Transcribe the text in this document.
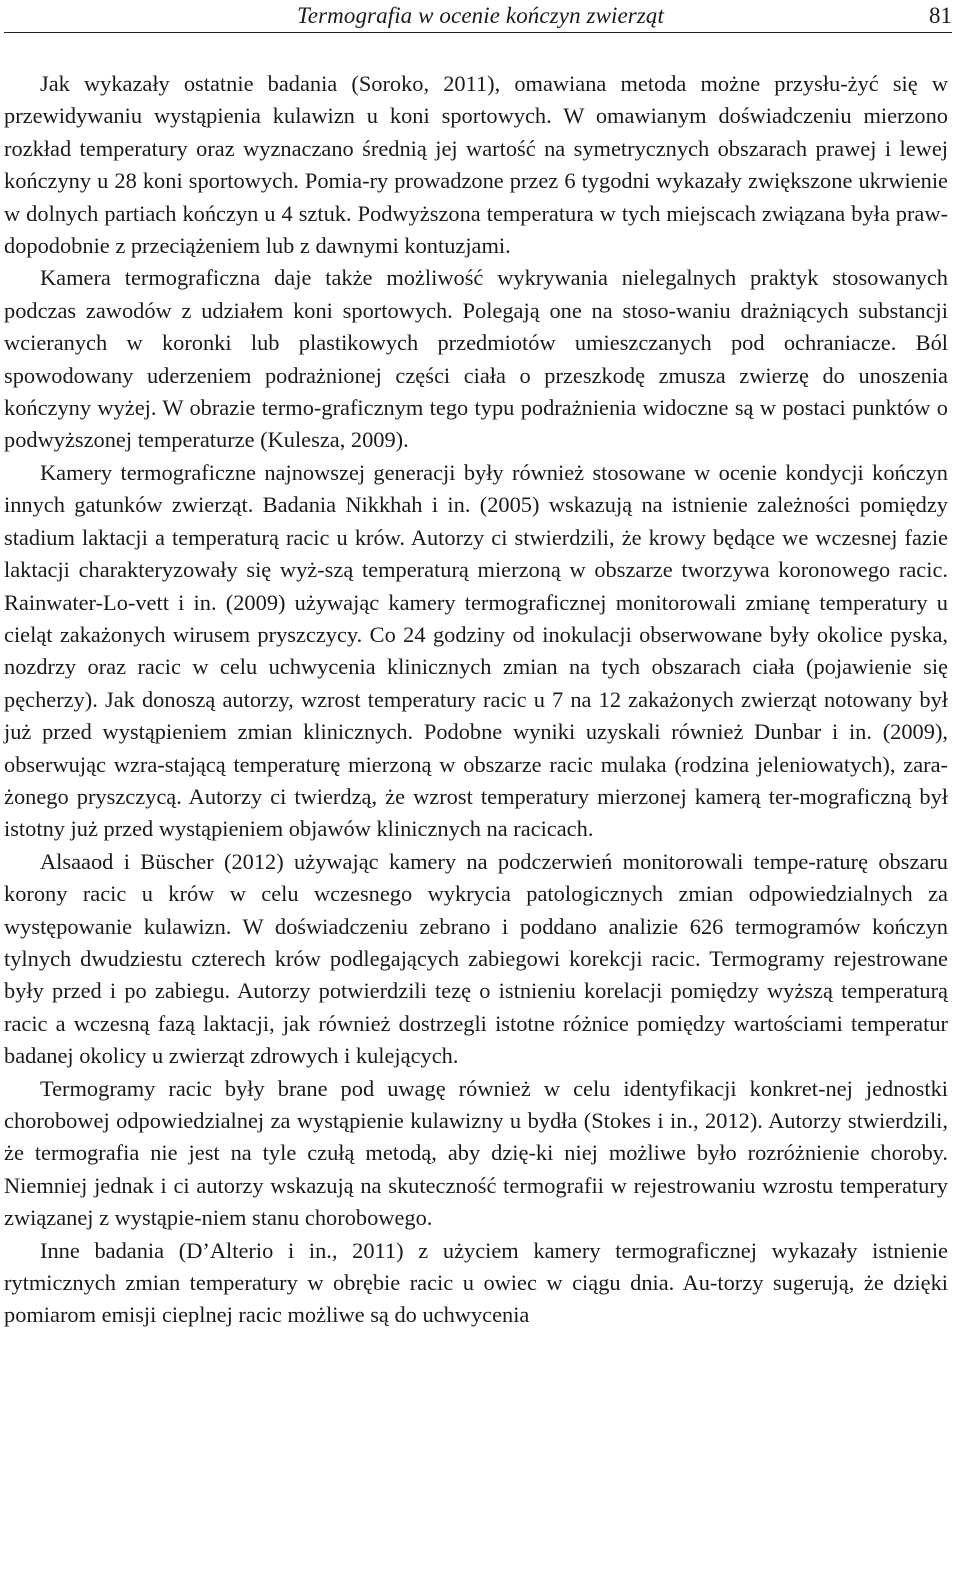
Termografia w ocenie kończyn zwierząt	81

Jak wykazały ostatnie badania (Soroko, 2011), omawiana metoda możne przysłu-żyć się w przewidywaniu wystąpienia kulawizn u koni sportowych. W omawianym doświadczeniu mierzono rozkład temperatury oraz wyznaczano średnią jej wartość na symetrycznych obszarach prawej i lewej kończyny u 28 koni sportowych. Pomia-ry prowadzone przez 6 tygodni wykazały zwiększone ukrwienie w dolnych partiach kończyn u 4 sztuk. Podwyższona temperatura w tych miejscach związana była praw-dopodobnie z przeciążeniem lub z dawnymi kontuzjami.

Kamera termograficzna daje także możliwość wykrywania nielegalnych praktyk stosowanych podczas zawodów z udziałem koni sportowych. Polegają one na stoso-waniu drażniących substancji wcieranych w koronki lub plastikowych przedmiotów umieszczanych pod ochraniacze. Ból spowodowany uderzeniem podrażnionej części ciała o przeszkodę zmusza zwierzę do unoszenia kończyny wyżej. W obrazie termo-graficznym tego typu podrażnienia widoczne są w postaci punktów o podwyższonej temperaturze (Kulesza, 2009).

Kamery termograficzne najnowszej generacji były również stosowane w ocenie kondycji kończyn innych gatunków zwierząt. Badania Nikkhah i in. (2005) wskazują na istnienie zależności pomiędzy stadium laktacji a temperaturą racic u krów. Autorzy ci stwierdzili, że krowy będące we wczesnej fazie laktacji charakteryzowały się wyż-szą temperaturą mierzoną w obszarze tworzywa koronowego racic. Rainwater-Lo-vett i in. (2009) używając kamery termograficznej monitorowali zmianę temperatury u cieląt zakażonych wirusem pryszczycy. Co 24 godziny od inokulacji obserwowane były okolice pyska, nozdrzy oraz racic w celu uchwycenia klinicznych zmian na tych obszarach ciała (pojawienie się pęcherzy). Jak donoszą autorzy, wzrost temperatury racic u 7 na 12 zakażonych zwierząt notowany był już przed wystąpieniem zmian klinicznych. Podobne wyniki uzyskali również Dunbar i in. (2009), obserwując wzra-stającą temperaturę mierzoną w obszarze racic mulaka (rodzina jeleniowatych), zara-żonego pryszczycą. Autorzy ci twierdzą, że wzrost temperatury mierzonej kamerą ter-mograficzną był istotny już przed wystąpieniem objawów klinicznych na racicach.

Alsaaod i Büscher (2012) używając kamery na podczerwień monitorowali tempe-raturę obszaru korony racic u krów w celu wczesnego wykrycia patologicznych zmian odpowiedzialnych za występowanie kulawizn. W doświadczeniu zebrano i poddano analizie 626 termogramów kończyn tylnych dwudziestu czterech krów podlegających zabiegowi korekcji racic. Termogramy rejestrowane były przed i po zabiegu. Autorzy potwierdzili tezę o istnieniu korelacji pomiędzy wyższą temperaturą racic a wczesną fazą laktacji, jak również dostrzegli istotne różnice pomiędzy wartościami temperatur badanej okolicy u zwierząt zdrowych i kulejących.

Termogramy racic były brane pod uwagę również w celu identyfikacji konkret-nej jednostki chorobowej odpowiedzialnej za wystąpienie kulawizny u bydła (Stokes i in., 2012). Autorzy stwierdzili, że termografia nie jest na tyle czułą metodą, aby dzię-ki niej możliwe było rozróżnienie choroby. Niemniej jednak i ci autorzy wskazują na skuteczność termografii w rejestrowaniu wzrostu temperatury związanej z wystąpie-niem stanu chorobowego.

Inne badania (D’Alterio i in., 2011) z użyciem kamery termograficznej wykazały istnienie rytmicznych zmian temperatury w obrębie racic u owiec w ciągu dnia. Au-torzy sugerują, że dzięki pomiarom emisji cieplnej racic możliwe są do uchwycenia
